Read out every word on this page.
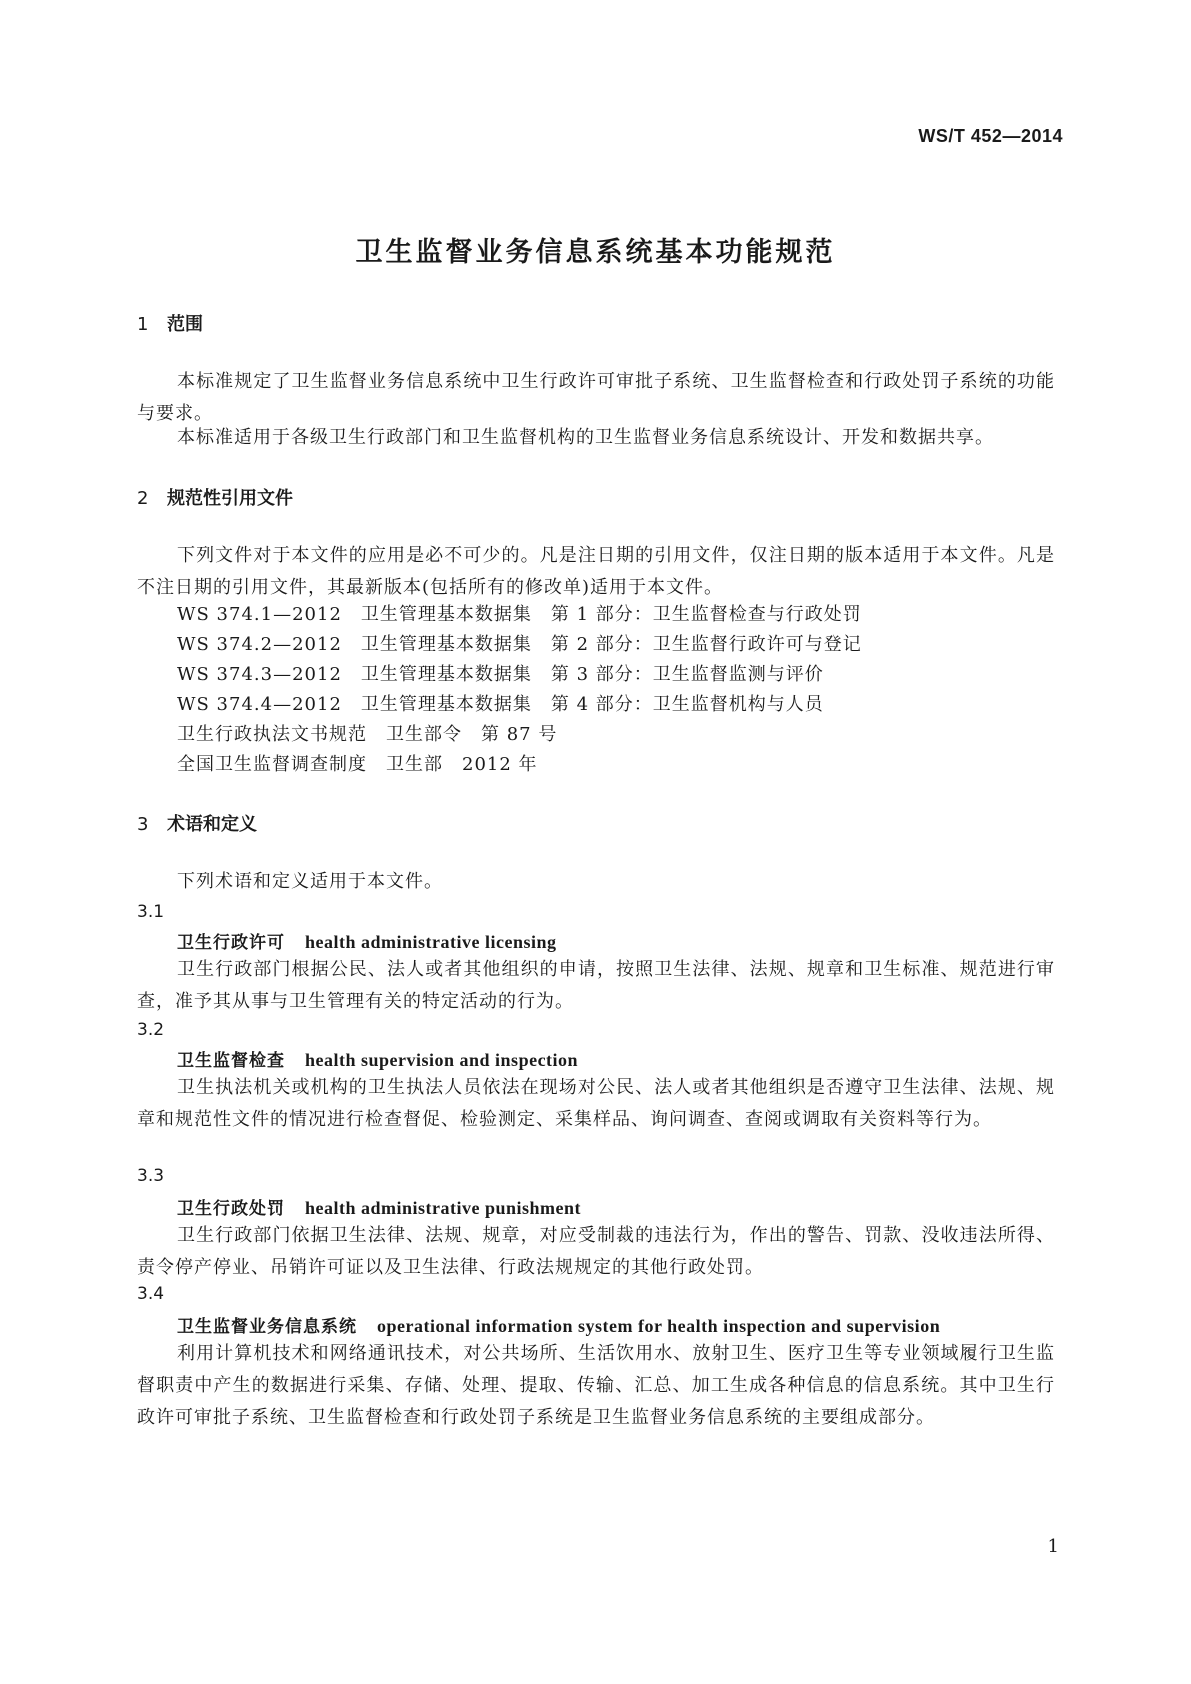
WS/T 452—2014
卫生监督业务信息系统基本功能规范
1 范围
本标准规定了卫生监督业务信息系统中卫生行政许可审批子系统、卫生监督检查和行政处罚子系统的功能与要求。
本标准适用于各级卫生行政部门和卫生监督机构的卫生监督业务信息系统设计、开发和数据共享。
2 规范性引用文件
下列文件对于本文件的应用是必不可少的。凡是注日期的引用文件，仅注日期的版本适用于本文件。凡是不注日期的引用文件，其最新版本(包括所有的修改单)适用于本文件。
WS 374.1—2012　卫生管理基本数据集　第 1 部分：卫生监督检查与行政处罚
WS 374.2—2012　卫生管理基本数据集　第 2 部分：卫生监督行政许可与登记
WS 374.3—2012　卫生管理基本数据集　第 3 部分：卫生监督监测与评价
WS 374.4—2012　卫生管理基本数据集　第 4 部分：卫生监督机构与人员
卫生行政执法文书规范　卫生部令　第 87 号
全国卫生监督调查制度　卫生部　2012 年
3 术语和定义
下列术语和定义适用于本文件。
3.1
卫生行政许可 health administrative licensing
卫生行政部门根据公民、法人或者其他组织的申请，按照卫生法律、法规、规章和卫生标准、规范进行审查，准予其从事与卫生管理有关的特定活动的行为。
3.2
卫生监督检查 health supervision and inspection
卫生执法机关或机构的卫生执法人员依法在现场对公民、法人或者其他组织是否遵守卫生法律、法规、规章和规范性文件的情况进行检查督促、检验测定、采集样品、询问调查、查阅或调取有关资料等行为。
3.3
卫生行政处罚 health administrative punishment
卫生行政部门依据卫生法律、法规、规章，对应受制裁的违法行为，作出的警告、罚款、没收违法所得、责令停产停业、吊销许可证以及卫生法律、行政法规规定的其他行政处罚。
3.4
卫生监督业务信息系统 operational information system for health inspection and supervision
利用计算机技术和网络通讯技术，对公共场所、生活饮用水、放射卫生、医疗卫生等专业领域履行卫生监督职责中产生的数据进行采集、存储、处理、提取、传输、汇总、加工生成各种信息的信息系统。其中卫生行政许可审批子系统、卫生监督检查和行政处罚子系统是卫生监督业务信息系统的主要组成部分。
1
